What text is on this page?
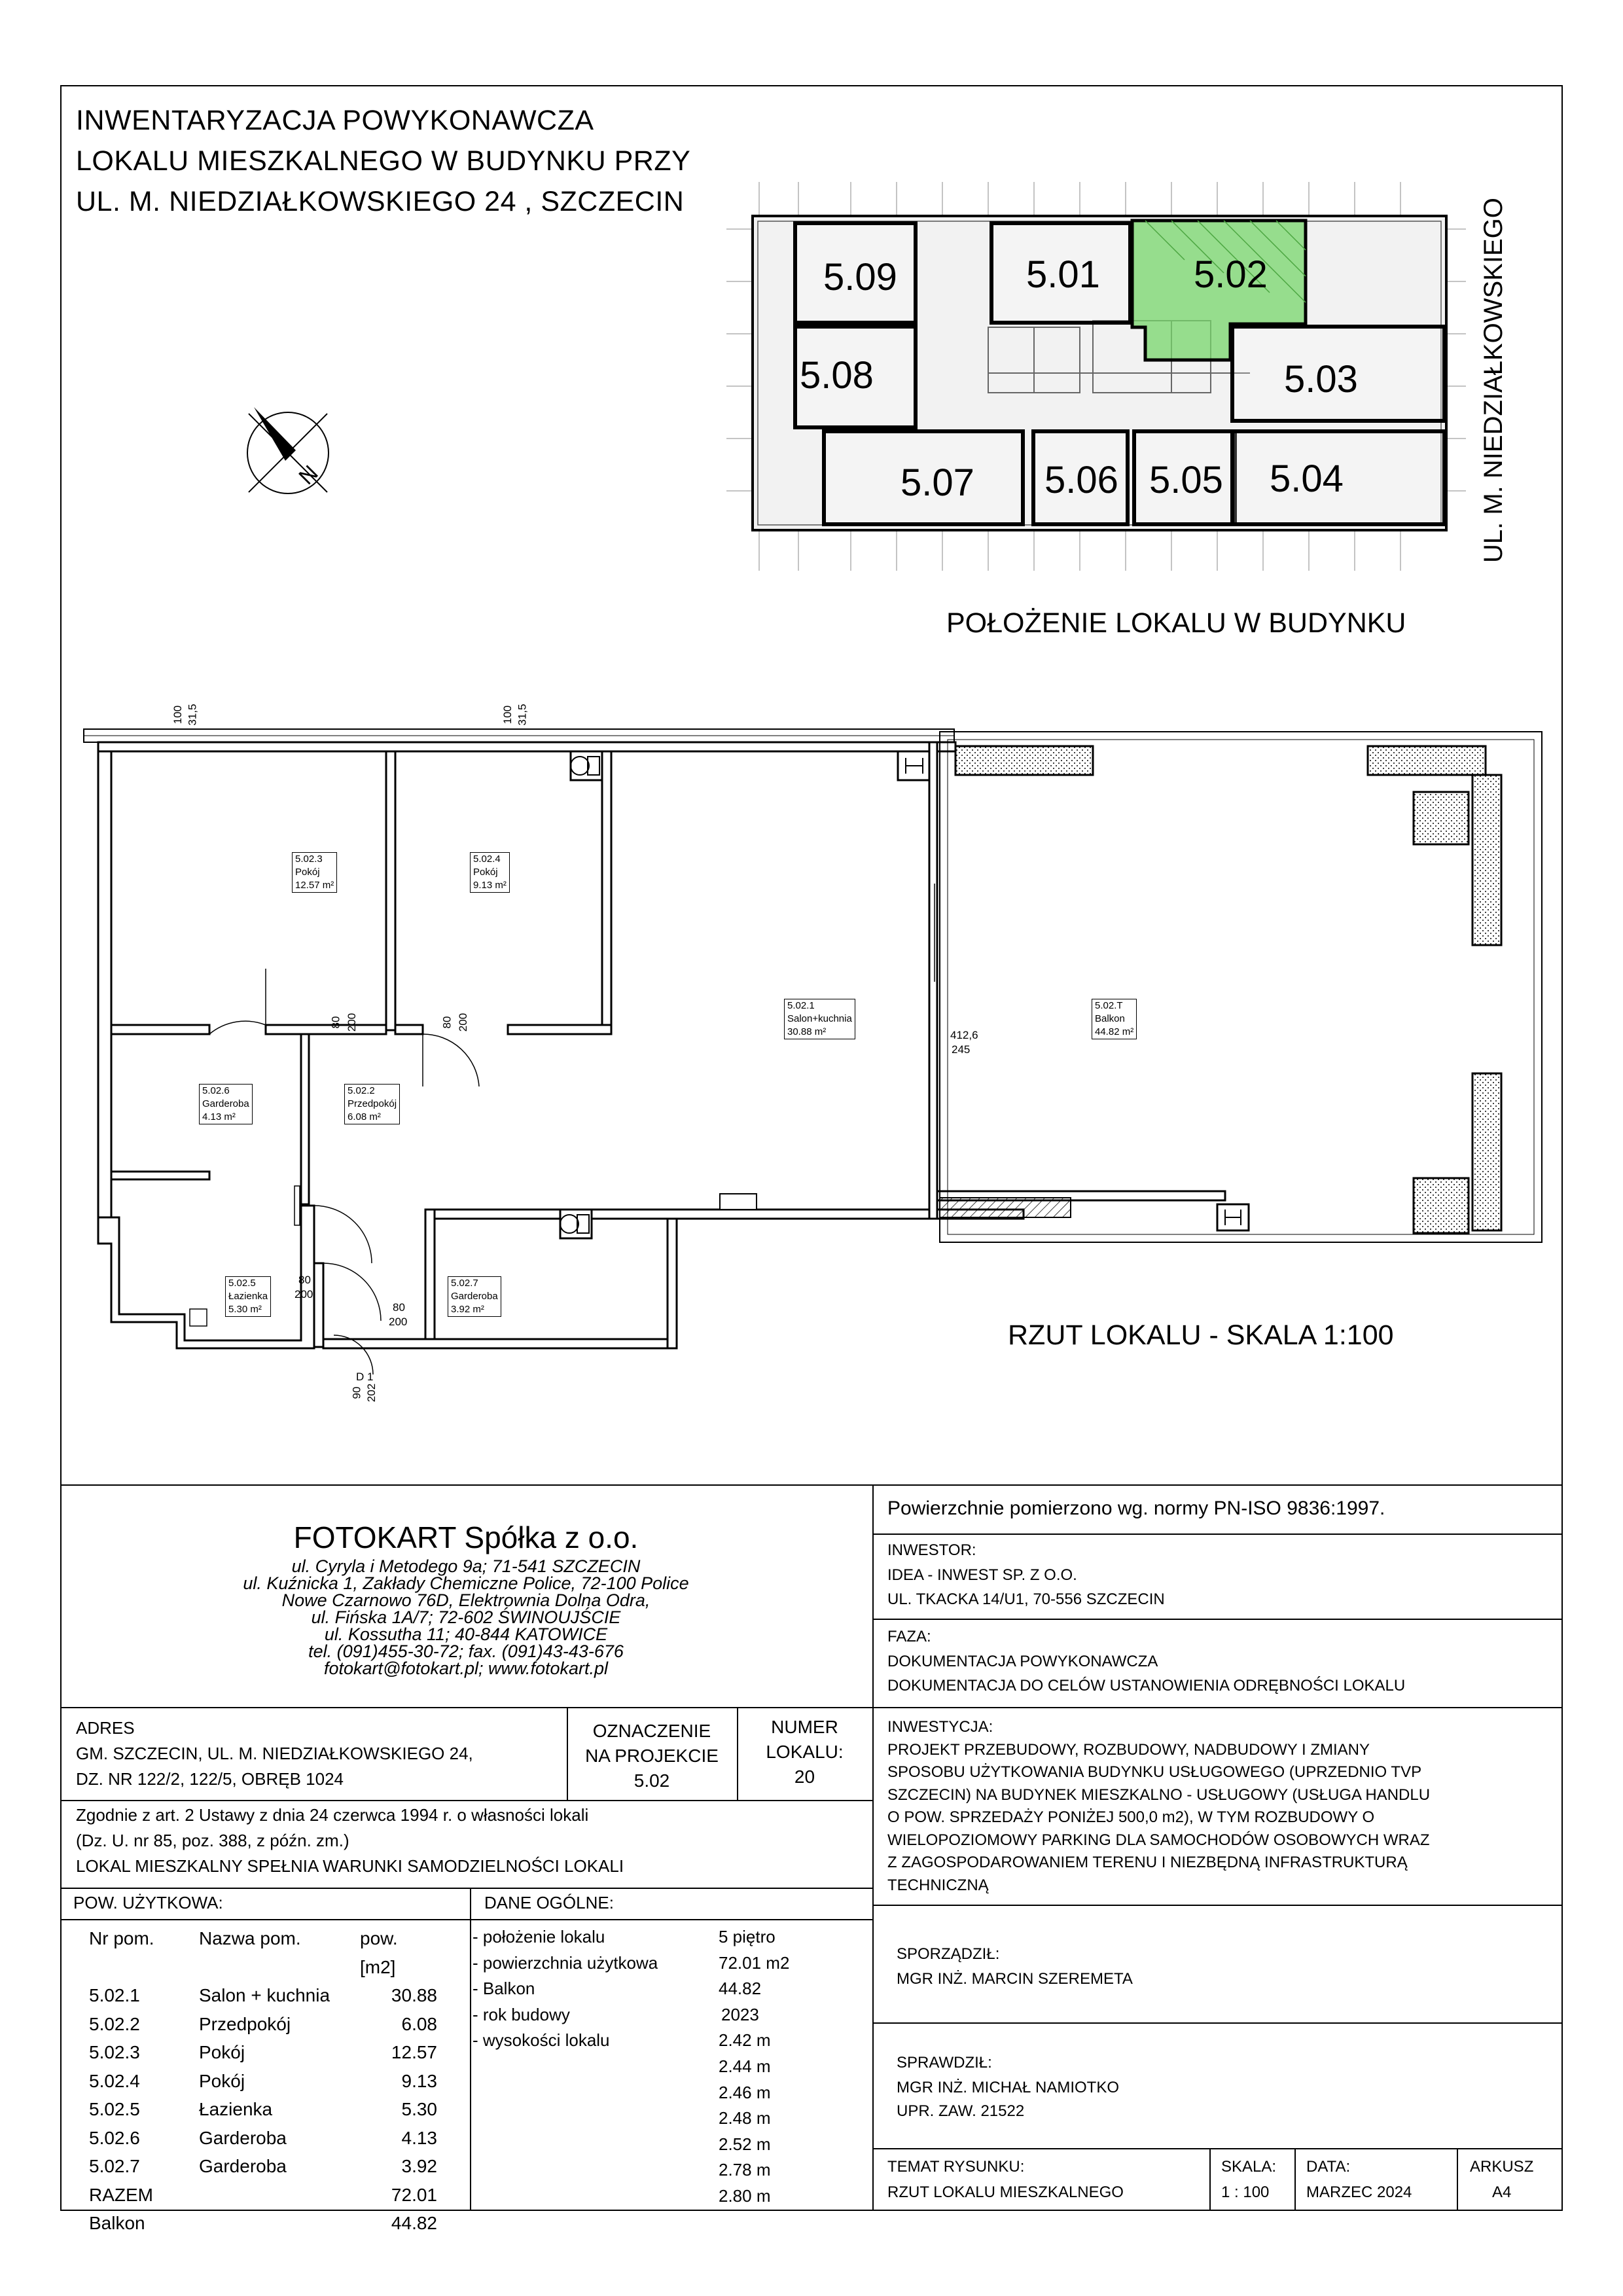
INWENTARYZACJA POWYKONAWCZA
LOKALU MIESZKALNEGO W BUDYNKU PRZY
UL. M. NIEDZIAŁKOWSKIEGO 24 , SZCZECIN
N
5.09	5.01 5.02
5.08	5.03
5.07 5.06 5.05 5.04	UL. M. NIEDZIAŁKOWSKIEGO
POŁOŻENIE LOKALU W BUDYNKU
5.02.3
Pokój
12.57 m²
5.02.4
Pokój
9.13 m²
5.02.1
Salon+kuchnia
30.88 m²
5.02.T
Balkon
44.82 m²
5.02.6
Garderoba
4.13 m²
5.02.2
Przedpokój
6.08 m²
5.02.5
Łazienka
5.30 m²
5.02.7
Garderoba
3.92 m²
100 31,5	100 31,5
80 200	80 200
80
200
80
200
412,6
245
D 1
90 202
RZUT LOKALU - SKALA 1:100
FOTOKART Spółka z o.o.
ul. Cyryla i Metodego 9a; 71-541 SZCZECIN
ul. Kuźnicka 1, Zakłady Chemiczne Police, 72-100 Police
Nowe Czarnowo 76D, Elektrownia Dolna Odra,
ul. Fińska 1A/7; 72-602 ŚWINOUJŚCIE
ul. Kossutha 11; 40-844 KATOWICE
tel. (091)455-30-72; fax. (091)43-43-676
fotokart@fotokart.pl; www.fotokart.pl
Powierzchnie pomierzono wg. normy PN-ISO 9836:1997.
INWESTOR:
IDEA - INWEST SP. Z O.O.
UL. TKACKA 14/U1, 70-556 SZCZECIN
FAZA:
DOKUMENTACJA POWYKONAWCZA
DOKUMENTACJA DO CELÓW USTANOWIENIA ODRĘBNOŚCI LOKALU
ADRES
GM. SZCZECIN, UL. M. NIEDZIAŁKOWSKIEGO 24,
DZ. NR 122/2, 122/5, OBRĘB 1024
OZNACZENIE
NA PROJEKCIE
5.02
NUMER
LOKALU:
20
Zgodnie z art. 2 Ustawy z dnia 24 czerwca 1994 r. o własności lokali
(Dz. U. nr 85, poz. 388, z późn. zm.)
LOKAL MIESZKALNY SPEŁNIA WARUNKI SAMODZIELNOŚCI LOKALI
INWESTYCJA:
PROJEKT PRZEBUDOWY, ROZBUDOWY, NADBUDOWY I ZMIANY
SPOSOBU UŻYTKOWANIA BUDYNKU USŁUGOWEGO (UPRZEDNIO TVP
SZCZECIN) NA BUDYNEK MIESZKALNO - USŁUGOWY (USŁUGA HANDLU
O POW. SPRZEDAŻY PONIŻEJ 500,0 m2), W TYM ROZBUDOWY O
WIELOPOZIOMOWY PARKING DLA SAMOCHODÓW OSOBOWYCH WRAZ
Z ZAGOSPODAROWANIEM TERENU I NIEZBĘDNĄ INFRASTRUKTURĄ
TECHNICZNĄ
POW. UŻYTKOWA:
Nr pom.	Nazwa pom.	pow.[m2]
5.02.1	Salon + kuchnia	30.88
5.02.2	Przedpokój	6.08
5.02.3	Pokój	12.57
5.02.4	Pokój	9.13
5.02.5	Łazienka	5.30
5.02.6	Garderoba	4.13
5.02.7	Garderoba	3.92
RAZEM	72.01
Balkon	44.82
DANE OGÓLNE:
- położenie lokalu	5 piętro
- powierzchnia użytkowa	72.01 m2
- Balkon	44.82
- rok budowy	2023
- wysokości lokalu	2.42 m
2.44 m
2.46 m
2.48 m
2.52 m
2.78 m
2.80 m
SPORZĄDZIŁ:
MGR INŻ. MARCIN SZEREMETA
SPRAWDZIŁ:
MGR INŻ. MICHAŁ NAMIOTKO
UPR. ZAW. 21522
TEMAT RYSUNKU:
RZUT LOKALU MIESZKALNEGO
SKALA:
1 : 100
DATA:
MARZEC 2024
ARKUSZ
A4
